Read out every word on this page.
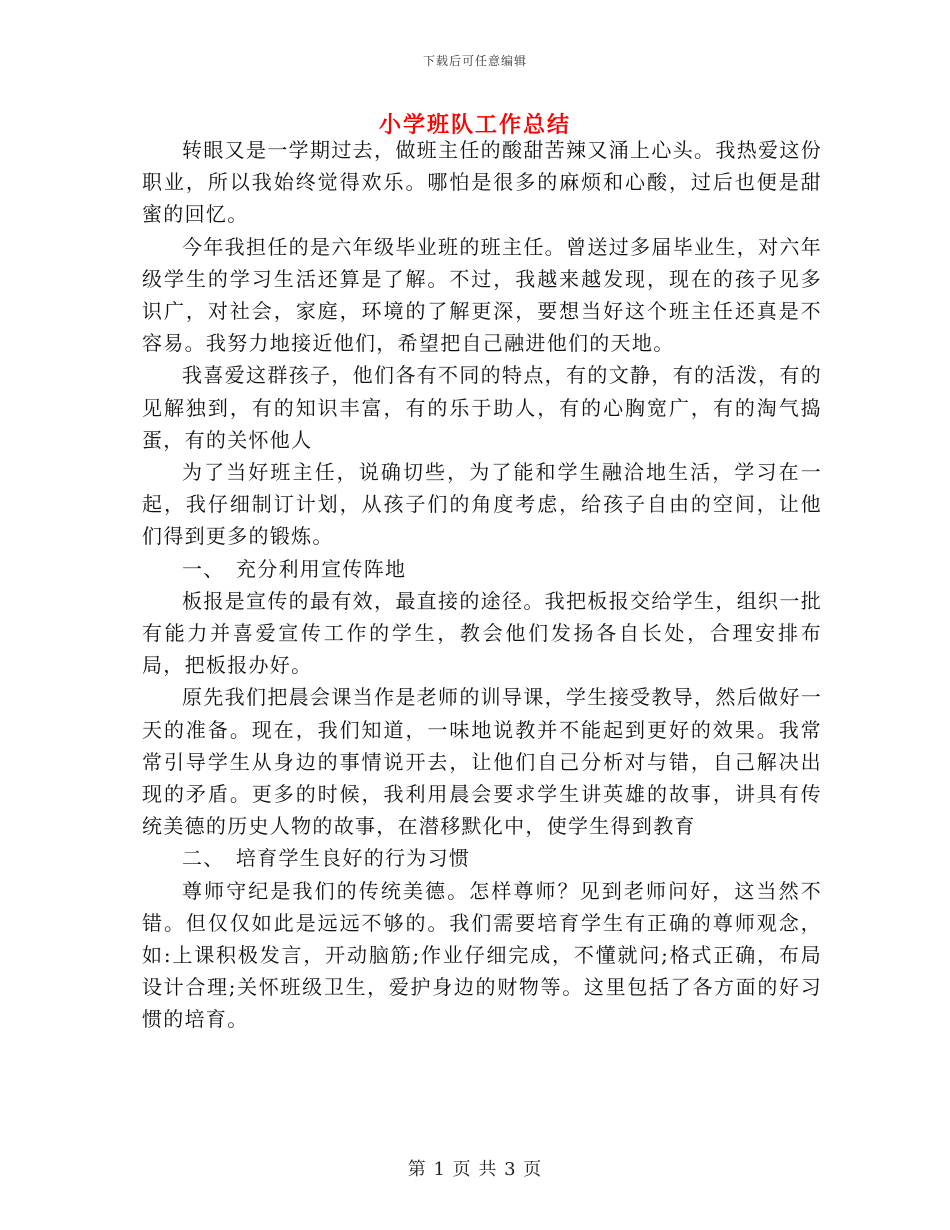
下载后可任意编辑
小学班队工作总结

转眼又是一学期过去，做班主任的酸甜苦辣又涌上心头。我热爱这份职业，所以我始终觉得欢乐。哪怕是很多的麻烦和心酸，过后也便是甜蜜的回忆。

今年我担任的是六年级毕业班的班主任。曾送过多届毕业生，对六年级学生的学习生活还算是了解。不过，我越来越发现，现在的孩子见多识广，对社会，家庭，环境的了解更深，要想当好这个班主任还真是不容易。我努力地接近他们，希望把自己融进他们的天地。

我喜爱这群孩子，他们各有不同的特点，有的文静，有的活泼，有的见解独到，有的知识丰富，有的乐于助人，有的心胸宽广，有的淘气捣蛋，有的关怀他人

为了当好班主任，说确切些，为了能和学生融洽地生活，学习在一起，我仔细制订计划，从孩子们的角度考虑，给孩子自由的空间，让他们得到更多的锻炼。

一、　充分利用宣传阵地

板报是宣传的最有效，最直接的途径。我把板报交给学生，组织一批有能力并喜爱宣传工作的学生，教会他们发扬各自长处，合理安排布局，把板报办好。

原先我们把晨会课当作是老师的训导课，学生接受教导，然后做好一天的准备。现在，我们知道，一味地说教并不能起到更好的效果。我常常引导学生从身边的事情说开去，让他们自己分析对与错，自己解决出现的矛盾。更多的时候，我利用晨会要求学生讲英雄的故事，讲具有传统美德的历史人物的故事，在潜移默化中，使学生得到教育

二、　培育学生良好的行为习惯

尊师守纪是我们的传统美德。怎样尊师？见到老师问好，这当然不错。但仅仅如此是远远不够的。我们需要培育学生有正确的尊师观念，如:上课积极发言，开动脑筋;作业仔细完成，不懂就问;格式正确，布局设计合理;关怀班级卫生，爱护身边的财物等。这里包括了各方面的好习惯的培育。

第 1 页 共 3 页
